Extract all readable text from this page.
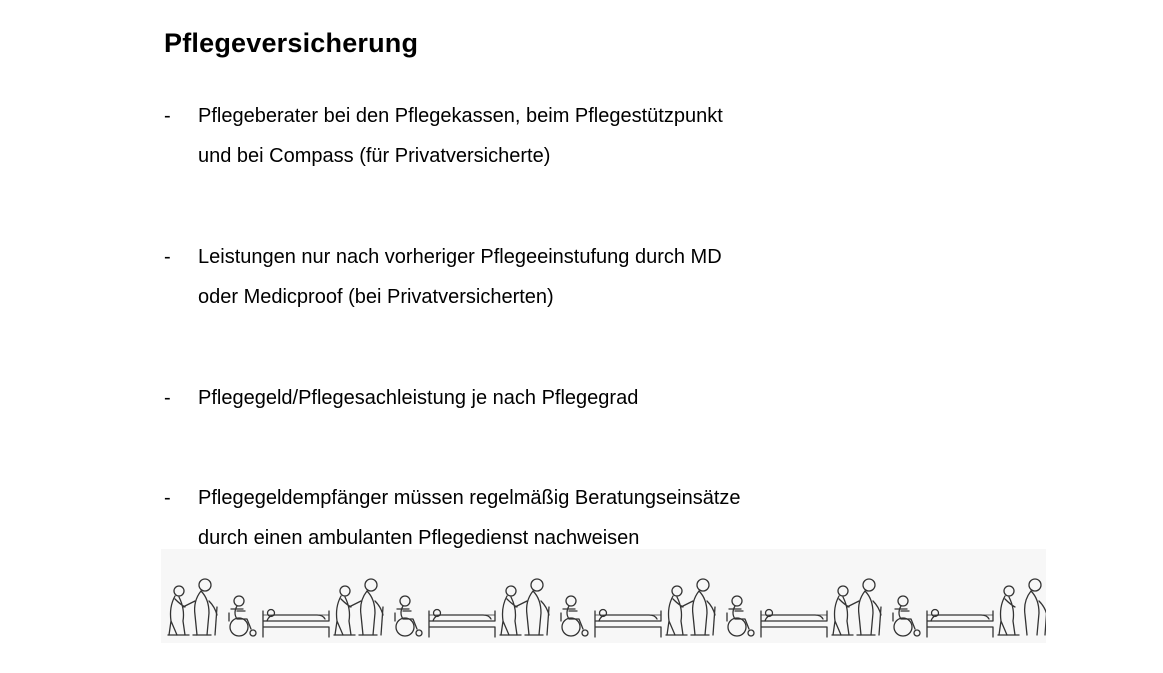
Pflegeversicherung
- Pflegeberater bei den Pflegekassen, beim Pflegestützpunkt
und bei Compass (für Privatversicherte)
- Leistungen nur nach vorheriger Pflegeeinstufung durch MD
oder Medicproof (bei Privatversicherten)
- Pflegegeld/Pflegesachleistung je nach Pflegegrad
- Pflegegeldempfänger müssen regelmäßig Beratungseinsätze
durch einen ambulanten Pflegedienst nachweisen
